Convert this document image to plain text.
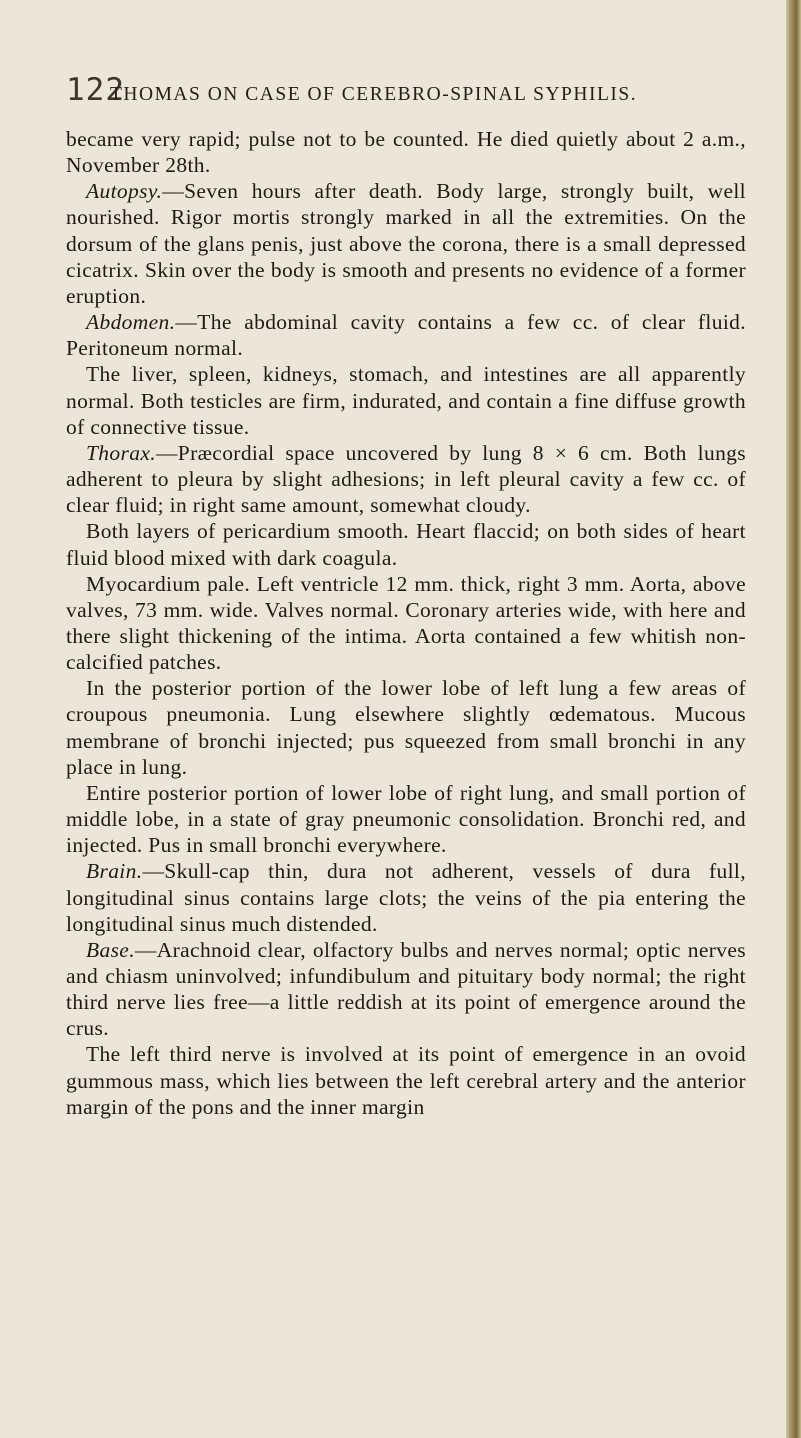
122
THOMAS ON CASE OF CEREBRO-SPINAL SYPHILIS.

became very rapid; pulse not to be counted. He died quietly about 2 a.m., November 28th.

Autopsy.—Seven hours after death. Body large, strongly built, well nourished. Rigor mortis strongly marked in all the extremities. On the dorsum of the glans penis, just above the corona, there is a small depressed cicatrix. Skin over the body is smooth and presents no evidence of a former eruption.

Abdomen.—The abdominal cavity contains a few cc. of clear fluid. Peritoneum normal.

The liver, spleen, kidneys, stomach, and intestines are all apparently normal. Both testicles are firm, indurated, and contain a fine diffuse growth of connective tissue.

Thorax.—Præcordial space uncovered by lung 8 × 6 cm. Both lungs adherent to pleura by slight adhesions; in left pleural cavity a few cc. of clear fluid; in right same amount, somewhat cloudy.

Both layers of pericardium smooth. Heart flaccid; on both sides of heart fluid blood mixed with dark coagula.

Myocardium pale. Left ventricle 12 mm. thick, right 3 mm. Aorta, above valves, 73 mm. wide. Valves normal. Coronary arteries wide, with here and there slight thickening of the intima. Aorta contained a few whitish non-calcified patches.

In the posterior portion of the lower lobe of left lung a few areas of croupous pneumonia. Lung elsewhere slightly œdematous. Mucous membrane of bronchi injected; pus squeezed from small bronchi in any place in lung.

Entire posterior portion of lower lobe of right lung, and small portion of middle lobe, in a state of gray pneumonic consolidation. Bronchi red, and injected. Pus in small bronchi everywhere.

Brain.—Skull-cap thin, dura not adherent, vessels of dura full, longitudinal sinus contains large clots; the veins of the pia entering the longitudinal sinus much distended.

Base.—Arachnoid clear, olfactory bulbs and nerves normal; optic nerves and chiasm uninvolved; infundibulum and pituitary body normal; the right third nerve lies free—a little reddish at its point of emergence around the crus.

The left third nerve is involved at its point of emergence in an ovoid gummous mass, which lies between the left cerebral artery and the anterior margin of the pons and the inner margin
